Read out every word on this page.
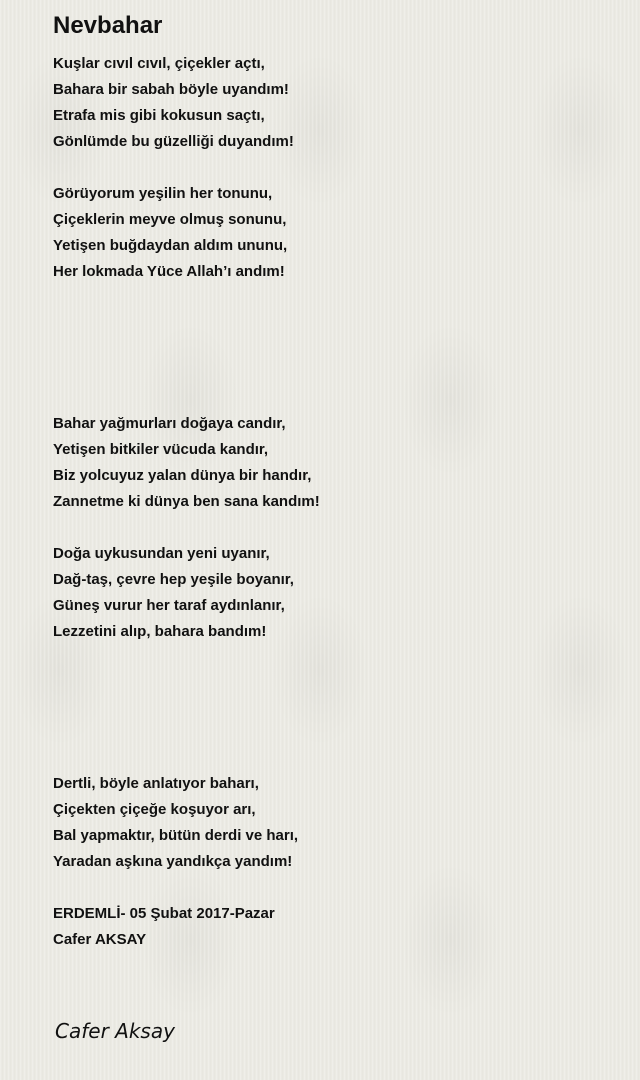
Nevbahar
Kuşlar cıvıl cıvıl, çiçekler açtı,
Bahara bir sabah böyle uyandım!
Etrafa mis gibi kokusun saçtı,
Gönlümde bu güzelliği duyandım!
Görüyorum yeşilin her tonunu,
Çiçeklerin meyve olmuş sonunu,
Yetişen buğdaydan aldım ununu,
Her lokmada Yüce Allah’ı andım!
Bahar yağmurları doğaya candır,
Yetişen bitkiler vücuda kandır,
Biz yolcuyuz yalan dünya bir handır,
Zannetme ki dünya ben sana kandım!
Doğa uykusundan yeni uyanır,
Dağ-taş, çevre hep yeşile boyanır,
Güneş vurur her taraf aydınlanır,
Lezzetini alıp, bahara bandım!
Dertli, böyle anlatıyor baharı,
Çiçekten çiçeğe koşuyor arı,
Bal yapmaktır, bütün derdi ve harı,
Yaradan aşkına yandıkça yandım!
ERDEMLİ- 05 Şubat 2017-Pazar
Cafer AKSAY
Cafer Aksay
